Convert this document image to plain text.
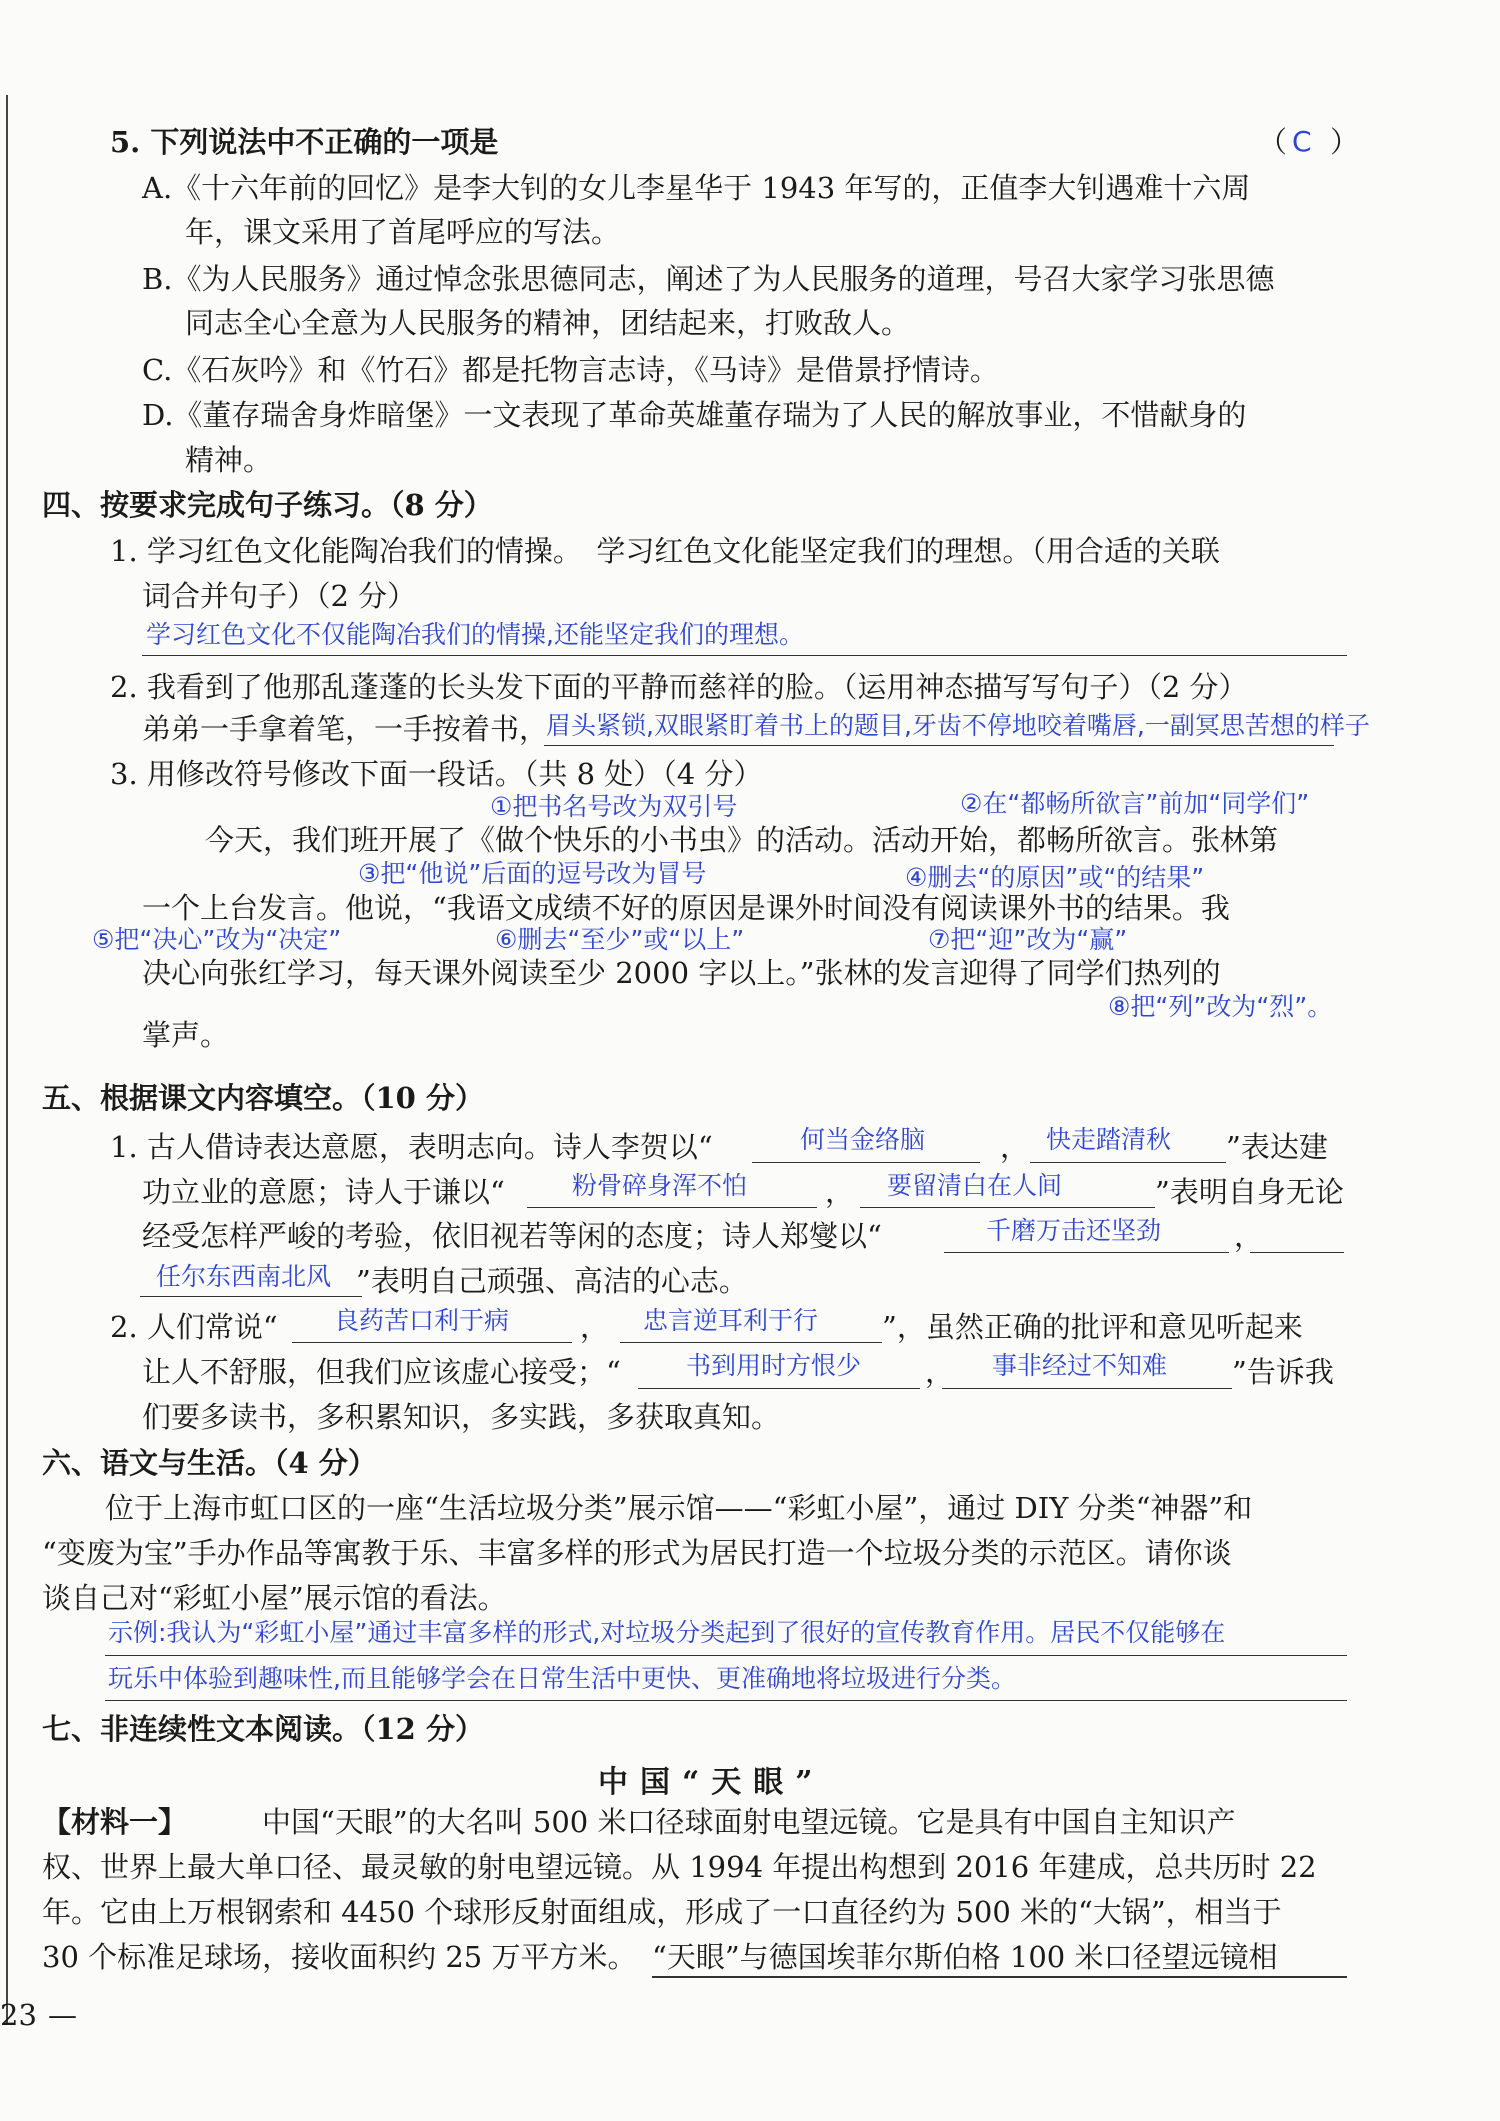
5. 下列说法中不正确的一项是	（ C ）
A.《十六年前的回忆》是李大钊的女儿李星华于 1943 年写的，正值李大钊遇难十六周
年，课文采用了首尾呼应的写法。
B.《为人民服务》通过悼念张思德同志，阐述了为人民服务的道理，号召大家学习张思德
同志全心全意为人民服务的精神，团结起来，打败敌人。
C.《石灰吟》和《竹石》都是托物言志诗，《马诗》是借景抒情诗。
D.《董存瑞舍身炸暗堡》一文表现了革命英雄董存瑞为了人民的解放事业，不惜献身的
精神。
四、按要求完成句子练习。（8 分）
1. 学习红色文化能陶冶我们的情操。　学习红色文化能坚定我们的理想。（用合适的关联
词合并句子）（2 分）
学习红色文化不仅能陶冶我们的情操,还能坚定我们的理想。
2. 我看到了他那乱蓬蓬的长头发下面的平静而慈祥的脸。（运用神态描写写句子）（2 分）
弟弟一手拿着笔，一手按着书，
眉头紧锁,双眼紧盯着书上的题目,牙齿不停地咬着嘴唇,一副冥思苦想的样子
3. 用修改符号修改下面一段话。（共 8 处）（4 分）
①把书名号改为双引号	②在“都畅所欲言”前加“同学们”
今天，我们班开展了《做个快乐的小书虫》的活动。活动开始，都畅所欲言。张林第
③把“他说”后面的逗号改为冒号	④删去“的原因”或“的结果”
一个上台发言。他说，“我语文成绩不好的原因是课外时间没有阅读课外书的结果。我
⑤把“决心”改为“决定”	⑥删去“至少”或“以上”	⑦把“迎”改为“赢”
决心向张红学习，每天课外阅读至少 2000 字以上。”张林的发言迎得了同学们热列的
⑧把“列”改为“烈”。
掌声。
五、根据课文内容填空。（10 分）
1. 古人借诗表达意愿，表明志向。诗人李贺以“	何当金络脑	， 快走踏清秋 ”表达建
功立业的意愿；诗人于谦以“	粉骨碎身浑不怕	， 要留清白在人间	”表明自身无论
经受怎样严峻的考验，依旧视若等闲的态度；诗人郑燮以“	千磨万击还坚劲	，
任尔东西南北风 ”表明自己顽强、高洁的心志。
2. 人们常说“ 良药苦口利于病 ， 忠言逆耳利于行 ”，虽然正确的批评和意见听起来
让人不舒服，但我们应该虚心接受；“	书到用时方恨少 ， 事非经过不知难 ”告诉我
们要多读书，多积累知识，多实践，多获取真知。
六、语文与生活。（4 分）
位于上海市虹口区的一座“生活垃圾分类”展示馆——“彩虹小屋”，通过 DIY 分类“神器”和
“变废为宝”手办作品等寓教于乐、丰富多样的形式为居民打造一个垃圾分类的示范区。请你谈
谈自己对“彩虹小屋”展示馆的看法。
示例:我认为“彩虹小屋”通过丰富多样的形式,对垃圾分类起到了很好的宣传教育作用。居民不仅能够在
玩乐中体验到趣味性,而且能够学会在日常生活中更快、更准确地将垃圾进行分类。
七、非连续性文本阅读。（12 分）
中国“天眼”
【材料一】	中国“天眼”的大名叫 500 米口径球面射电望远镜。它是具有中国自主知识产
权、世界上最大单口径、最灵敏的射电望远镜。从 1994 年提出构想到 2016 年建成，总共历时 22
年。它由上万根钢索和 4450 个球形反射面组成，形成了一口直径约为 500 米的“大锅”，相当于
30 个标准足球场，接收面积约 25 万平方米。 “天眼”与德国埃菲尔斯伯格 100 米口径望远镜相
23 —
